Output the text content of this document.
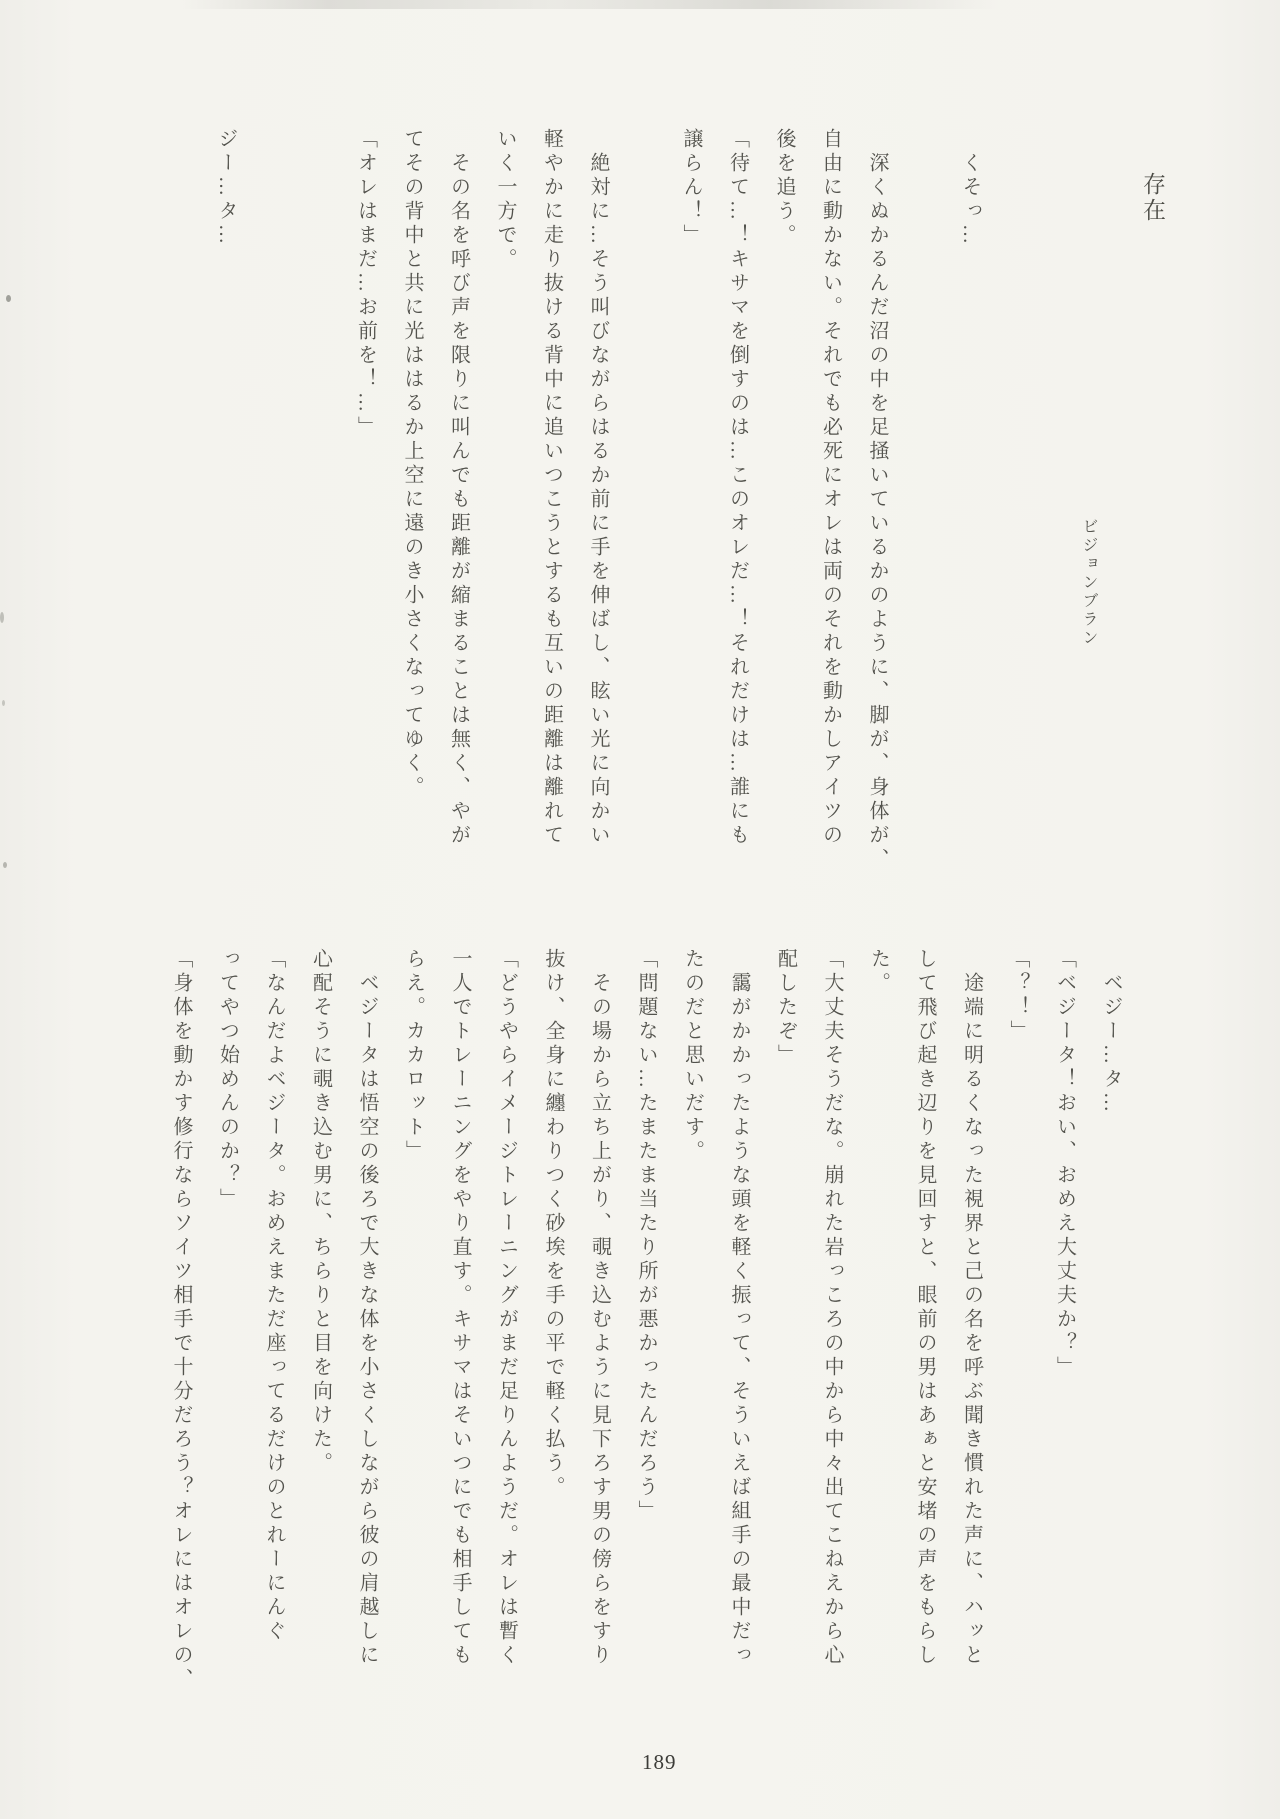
存在
ビジョンブラン

　くそっ…

　深くぬかるんだ沼の中を足掻いているかのように、脚が、身体が、

自由に動かない。それでも必死にオレは両のそれを動かしアイツの

後を追う。

「待て…！キサマを倒すのは…このオレだ…！それだけは…誰にも

譲らん！」

　絶対に…そう叫びながらはるか前に手を伸ばし、眩い光に向かい

軽やかに走り抜ける背中に追いつこうとするも互いの距離は離れて

いく一方で。

　その名を呼び声を限りに叫んでも距離が縮まることは無く、やが

てその背中と共に光ははるか上空に遠のき小さくなってゆく。

「オレはまだ…お前を！…」

ジー…タ…

　ベジー…タ…

「ベジータ！おい、おめえ大丈夫か？」

「？！」

　途端に明るくなった視界と己の名を呼ぶ聞き慣れた声に、ハッと

して飛び起き辺りを見回すと、眼前の男はあぁと安堵の声をもらし

た。

「大丈夫そうだな。崩れた岩っころの中から中々出てこねえから心

配したぞ」

　靄がかかったような頭を軽く振って、そういえば組手の最中だっ

たのだと思いだす。

「問題ない…たまたま当たり所が悪かったんだろう」

　その場から立ち上がり、覗き込むように見下ろす男の傍らをすり

抜け、全身に纏わりつく砂埃を手の平で軽く払う。

「どうやらイメージトレーニングがまだ足りんようだ。オレは暫く

一人でトレーニングをやり直す。キサマはそいつにでも相手しても

らえ。カカロット」

　ベジータは悟空の後ろで大きな体を小さくしながら彼の肩越しに

心配そうに覗き込む男に、ちらりと目を向けた。

「なんだよベジータ。おめえまただ座ってるだけのとれーにんぐ

ってやつ始めんのか？」

「身体を動かす修行ならソイツ相手で十分だろう？オレにはオレの、

189
